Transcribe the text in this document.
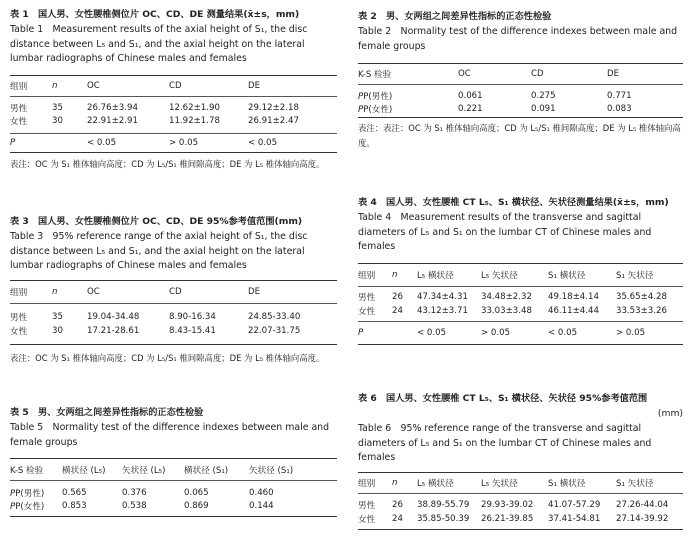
表 1　国人男、女性腰椎侧位片 OC、CD、DE 测量结果(x̄±s，mm)
Table 1　Measurement results of the axial height of S₁, the disc distance between L₅ and S₁, and the axial height on the lateral lumbar radiographs of Chinese males and females
组别	n	OC	CD	DE

男性	35	26.76±3.94	12.62±1.90	29.12±2.18
女性	30	22.91±2.91	11.92±1.78	26.91±2.47

P	< 0.05	> 0.05	< 0.05
表注：OC 为 S₁ 椎体轴向高度；CD 为 L₅/S₁ 椎间隙高度；DE 为 L₅ 椎体轴向高度。
表 3　国人男、女性腰椎侧位片 OC、CD、DE 95%参考值范围(mm)
Table 3　95% reference range of the axial height of S₁, the disc distance between L₅ and S₁, and the axial height on the lateral lumbar radiographs of Chinese males and females
组别	n	OC	CD	DE

男性	35	19.04-34.48	8.90-16.34	24.85-33.40
女性	30	17.21-28.61	8.43-15.41	22.07-31.75

表注：OC 为 S₁ 椎体轴向高度；CD 为 L₅/S₁ 椎间隙高度；DE 为 L₅ 椎体轴向高度。
表 5　男、女两组之间差异性指标的正态性检验
Table 5　Normality test of the difference indexes between male and female groups
K-S 检验	横状径 (L₅)	矢状径 (L₅)	横状径 (S₁)	矢状径 (S₁)

PP(男性)	0.565	0.376	0.065	0.460
PP(女性)	0.853	0.538	0.869	0.144

表 2　男、女两组之间差异性指标的正态性检验
Table 2　Normality test of the difference indexes between male and female groups
K-S 检验	OC	CD	DE

PP(男性)	0.061	0.275	0.771
PP(女性)	0.221	0.091	0.083

表注：表注：OC 为 S₁ 椎体轴向高度；CD 为 L₅/S₁ 椎间隙高度；DE 为 L₅ 椎体轴向高度。
表 4　国人男、女性腰椎 CT L₅、S₁ 横状径、矢状径测量结果(x̄±s，mm)
Table 4　Measurement results of the transverse and sagittal diameters of L₅ and S₁ on the lumbar CT of Chinese males and females
组别	n	L₅ 横状径	L₅ 矢状径	S₁ 横状径	S₁ 矢状径

男性	26	47.34±4.31	34.48±2.32	49.18±4.14	35.65±4.28
女性	24	43.12±3.71	33.03±3.48	46.11±4.44	33.53±3.26

P	< 0.05	> 0.05	< 0.05	> 0.05
表 6　国人男、女性腰椎 CT L₅、S₁ 横状径、矢状径 95%参考值范围
(mm)
Table 6　95% reference range of the transverse and sagittal diameters of L₅ and S₁ on the lumbar CT of Chinese males and females
组别	n	L₅ 横状径	L₅ 矢状径	S₁ 横状径	S₁ 矢状径

男性	26	38.89-55.79	29.93-39.02	41.07-57.29	27.26-44.04
女性	24	35.85-50.39	26.21-39.85	37.41-54.81	27.14-39.92
